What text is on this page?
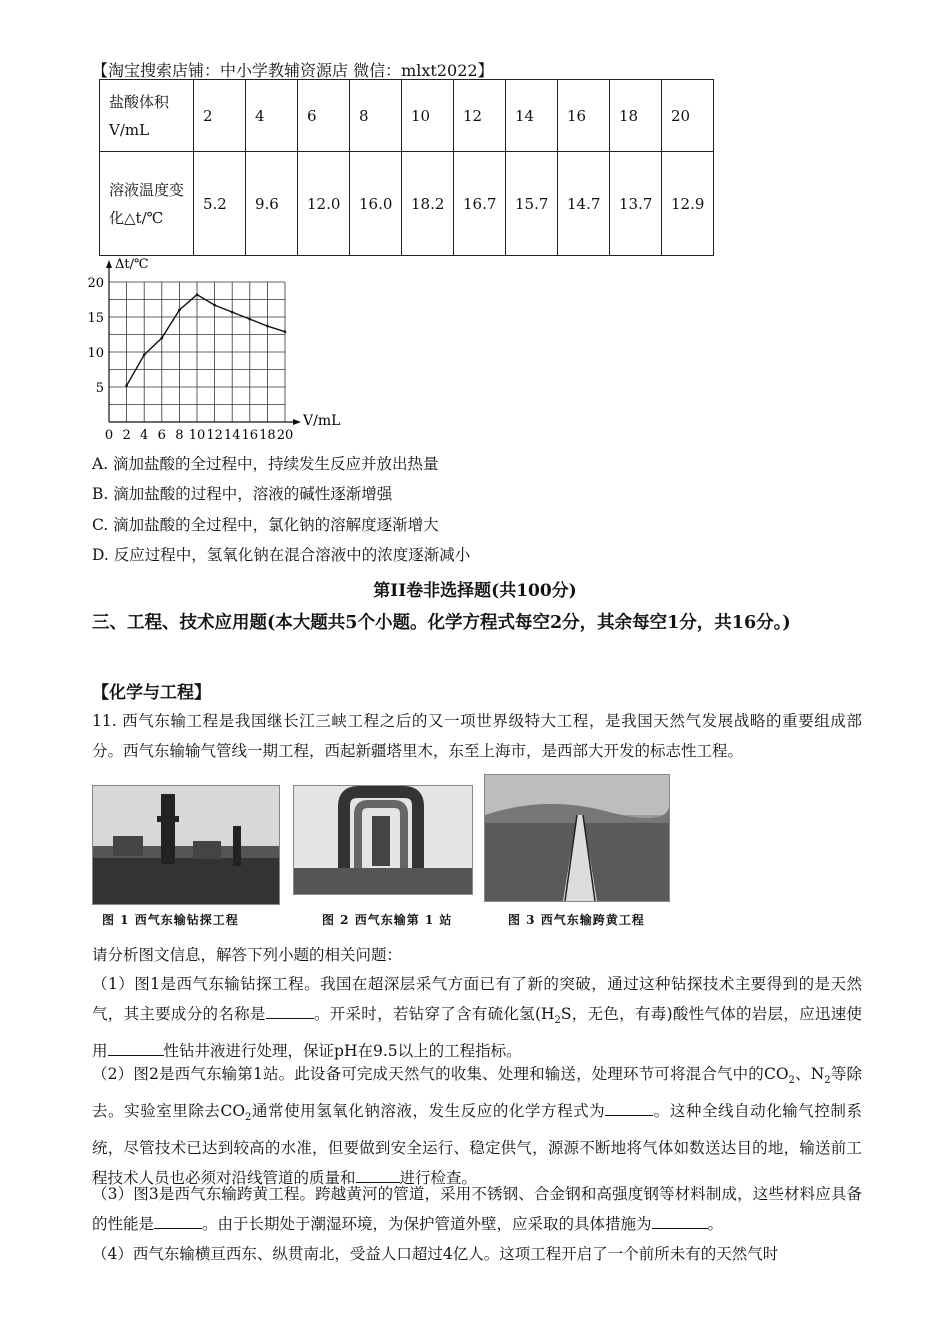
【淘宝搜索店铺：中小学教辅资源店 微信：mlxt2022】
盐酸体积V/mL	2	4	6	8	10	12	14	16	18	20
溶液温度变化△t/℃	5.2	9.6	12.0	16.0	18.2	16.7	15.7	14.7	13.7	12.9
0 2 4 6 8 10 12 14 16 18 20
5
10
15
20
Δt/℃
V/mL
A. 滴加盐酸的全过程中，持续发生反应并放出热量
B. 滴加盐酸的过程中，溶液的碱性逐渐增强
C. 滴加盐酸的全过程中，氯化钠的溶解度逐渐增大
D. 反应过程中，氢氧化钠在混合溶液中的浓度逐渐减小
第II卷非选择题(共100分)
三、工程、技术应用题(本大题共5个小题。化学方程式每空2分，其余每空1分，共16分。)
【化学与工程】
11. 西气东输工程是我国继长江三峡工程之后的又一项世界级特大工程，是我国天然气发展战略的重要组成部分。西气东输输气管线一期工程，西起新疆塔里木，东至上海市，是西部大开发的标志性工程。
图 1 西气东输钻探工程	图 2 西气东输第 1 站	图 3 西气东输跨黄工程
请分析图文信息，解答下列小题的相关问题：
（1）图1是西气东输钻探工程。我国在超深层采气方面已有了新的突破，通过这种钻探技术主要得到的是天然气，其主要成分的名称是	。开采时，若钻穿了含有硫化氢($H_2S$，无色，有毒)酸性气体的岩层，应迅速使用	性钻井液进行处理，保证pH在9.5以上的工程指标。
（2）图2是西气东输第1站。此设备可完成天然气的收集、处理和输送，处理环节可将混合气中的$CO_2$、$N_2$等除去。实验室里除去$CO_2$通常使用氢氧化钠溶液，发生反应的化学方程式为	。这种全线自动化输气控制系统，尽管技术已达到较高的水准，但要做到安全运行、稳定供气，源源不断地将气体如数送达目的地，输送前工程技术人员也必须对沿线管道的质量和	进行检查。
（3）图3是西气东输跨黄工程。跨越黄河的管道，采用不锈钢、合金钢和高强度钢等材料制成，这些材料应具备的性能是	。由于长期处于潮湿环境，为保护管道外壁，应采取的具体措施为	。
（4）西气东输横亘西东、纵贯南北，受益人口超过4亿人。这项工程开启了一个前所未有的天然气时
